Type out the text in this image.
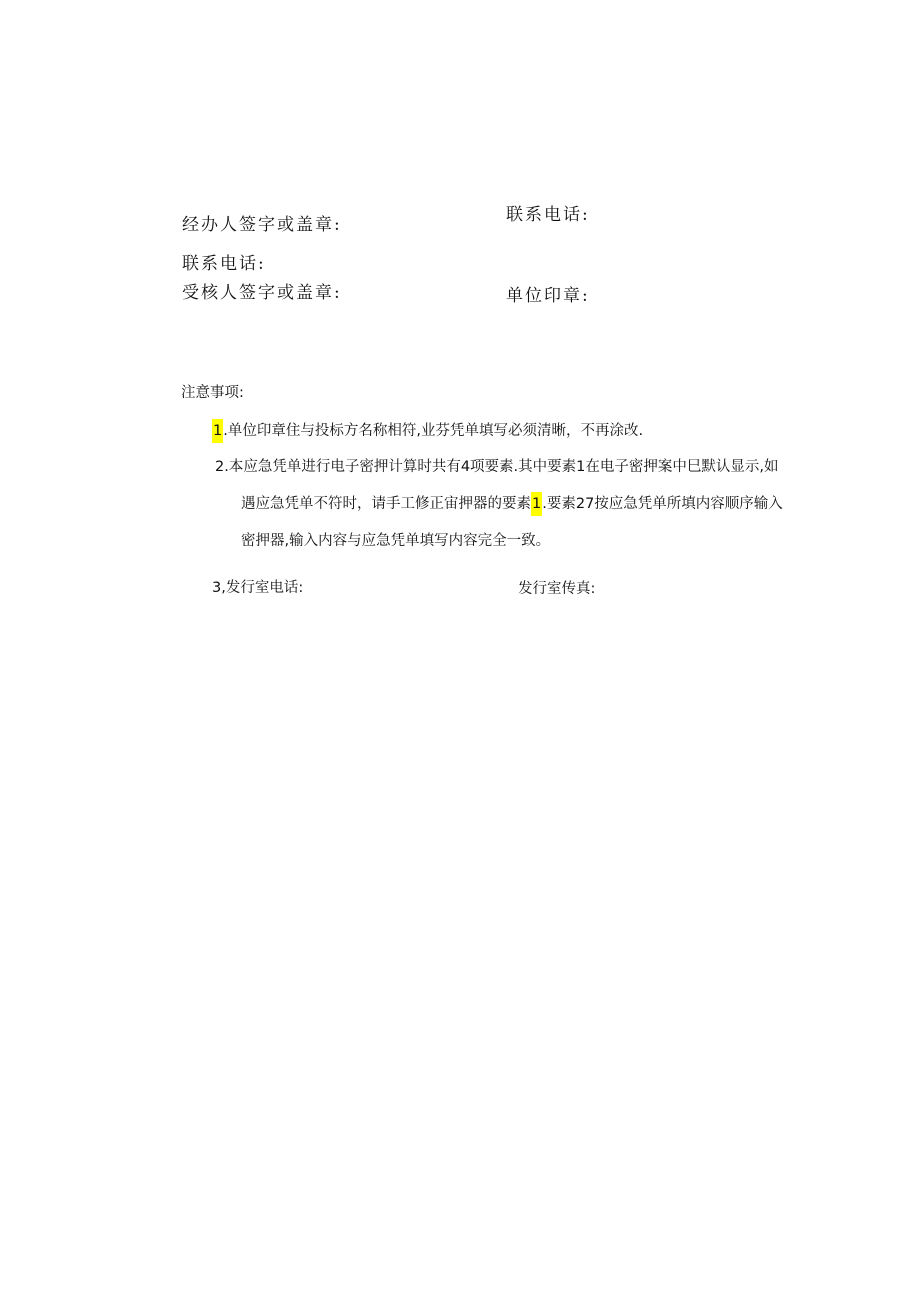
经办人签字或盖章:	联系电话:
联系电话:
受核人签字或盖章:	单位印章:
注意事项:
1.单位印章住与投标方名称相符,业芬凭单填写必须清晰，不再涂改.
2.本应急凭单进行电子密押计算时共有4项要素.其中要素1在电子密押案中巳默认显示,如
遇应急凭单不符时，请手工修正宙押器的要素1.要素27按应急凭单所填内容顺序输入
密押器,输入内容与应急凭单填写内容完全一致。
3,发行室电话:	发行室传真:
